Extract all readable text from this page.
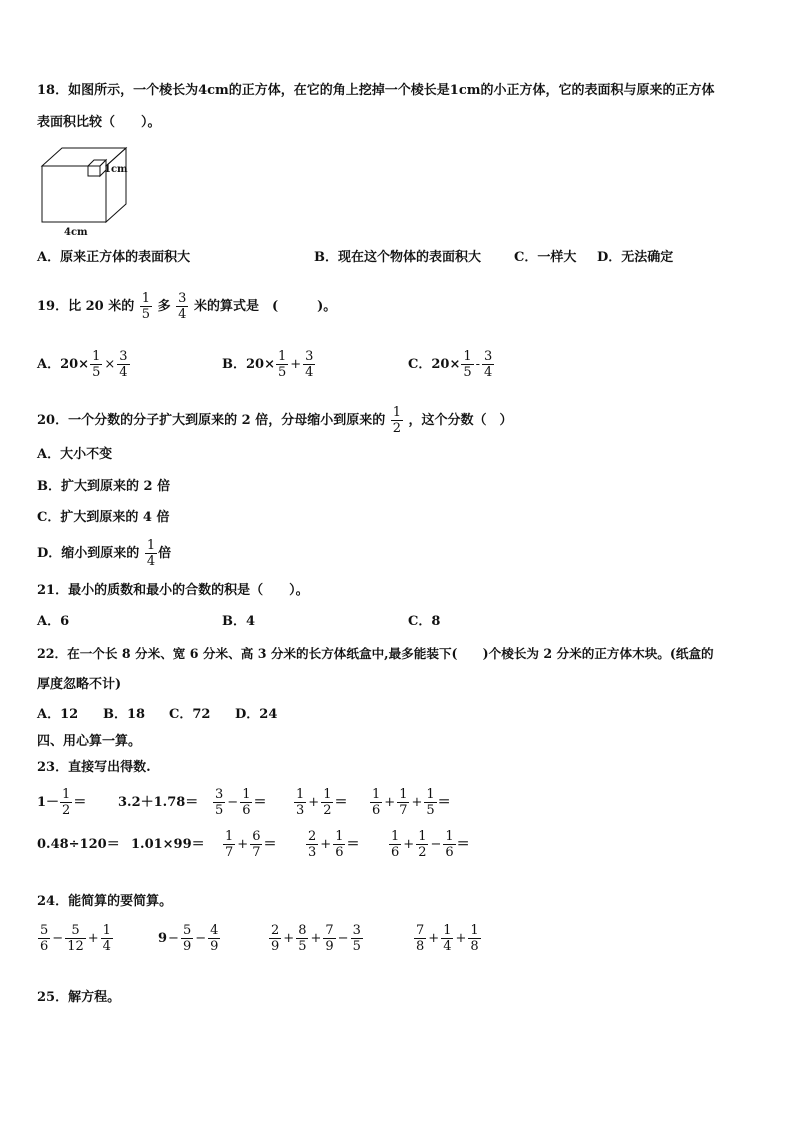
18．如图所示，一个棱长为4cm的正方体，在它的角上挖掉一个棱长是1cm的小正方体，它的表面积与原来的正方体
表面积比较（　　）。
1cm
4cm
A．原来正方体的表面积大	B．现在这个物体的表面积大	C．一样大 D．无法确定
19．比 20 米的 $\frac{1}{5}$ 多 $\frac{3}{4}$ 米的算式是　(　　　)。
A．$20\times \frac{1}{5} \times \frac{3}{4}$	B．$20\times \frac{1}{5} + \frac{3}{4}$	C．$20\times \frac{1}{5} - \frac{3}{4}$
20．一个分数的分子扩大到原来的 2 倍，分母缩小到原来的 $\frac{1}{2}$ ，这个分数（　）
A．大小不变
B．扩大到原来的 2 倍
C．扩大到原来的 4 倍
D．缩小到原来的 $\frac{1}{4}$ 倍
21．最小的质数和最小的合数的积是（　　）。
A．6	B．4	C．8
22．在一个长 8 分米、宽 6 分米、高 3 分米的长方体纸盒中,最多能装下(　　)个棱长为 2 分米的正方体木块。(纸盒的
厚度忽略不计)
A．12 B．18 C．72 D．24
四、用心算一算。
23．直接写出得数.
$1- \frac{1}{2} = 3.2+1.78= \frac{3}{5} - \frac{1}{6} = \frac{1}{3} + \frac{1}{2} = \frac{1}{6} + \frac{1}{7} + \frac{1}{5}$ ＝
$0.48\div 120= 1.01\times 99= \frac{1}{7} + \frac{6}{7} = \frac{2}{3} + \frac{1}{6} = \frac{1}{6} + \frac{1}{2} - \frac{1}{6}$ ＝
24．能简算的要简算。
$\frac{5}{6} - \frac{5}{12} + \frac{1}{4}$	$9- \frac{5}{9} - \frac{4}{9}$	$\frac{2}{9} + \frac{8}{5} + \frac{7}{9} - \frac{3}{5}$	$\frac{7}{8} + \frac{1}{4} + \frac{1}{8}$
25．解方程。
